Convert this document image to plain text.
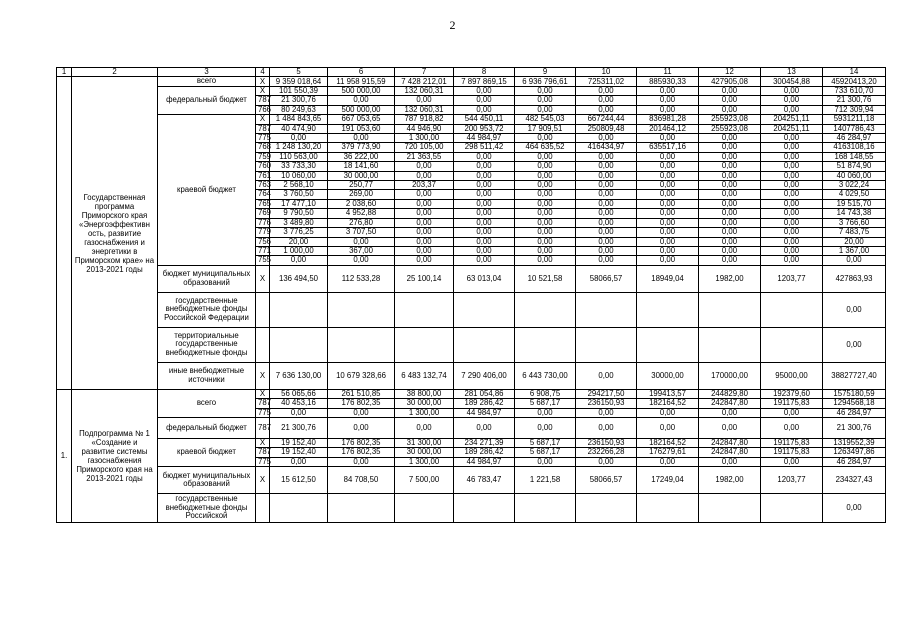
2
1	2	3	4	5	6	7	8	9	10	11	12	13	14
	Государственная программа Приморского края «Энергоэффективн ость, развитие газоснабжения и энергетики в Приморском крае» на 2013-2021 годы	всего	Х	9 359 018,64	11 958 915,59	7 428 212,01	7 897 869,15	6 936 796,61	725311,02	885930,33	427905,08	300454,88	45920413,20
		федеральный бюджет	Х	101 550,39	500 000,00	132 060,31	0,00	0,00	0,00	0,00	0,00	0,00	733 610,70
			787	21 300,76	0,00	0,00	0,00	0,00	0,00	0,00	0,00	0,00	21 300,76
			766	80 249,63	500 000,00	132 060,31	0,00	0,00	0,00	0,00	0,00	0,00	712 309,94
		краевой бюджет	Х	1 484 843,65	667 053,65	787 918,82	544 450,11	482 545,03	667244,44	836981,28	255923,08	204251,11	5931211,18
			787	40 474,90	191 053,60	44 946,90	200 953,72	17 909,51	250809,48	201464,12	255923,08	204251,11	1407786,43
			775	0,00	0,00	1 300,00	44 984,97	0,00	0,00	0,00	0,00	0,00	46 284,97
			768	1 248 130,20	379 773,90	720 105,00	298 511,42	464 635,52	416434,97	635517,16	0,00	0,00	4163108,16
			759	110 563,00	36 222,00	21 363,55	0,00	0,00	0,00	0,00	0,00	0,00	168 148,55
			760	33 733,30	18 141,60	0,00	0,00	0,00	0,00	0,00	0,00	0,00	51 874,90
			761	10 060,00	30 000,00	0,00	0,00	0,00	0,00	0,00	0,00	0,00	40 060,00
			763	2 568,10	250,77	203,37	0,00	0,00	0,00	0,00	0,00	0,00	3 022,24
			764	3 760,50	269,00	0,00	0,00	0,00	0,00	0,00	0,00	0,00	4 029,50
			765	17 477,10	2 038,60	0,00	0,00	0,00	0,00	0,00	0,00	0,00	19 515,70
			769	9 790,50	4 952,88	0,00	0,00	0,00	0,00	0,00	0,00	0,00	14 743,38
			776	3 489,80	276,80	0,00	0,00	0,00	0,00	0,00	0,00	0,00	3 766,60
			779	3 776,25	3 707,50	0,00	0,00	0,00	0,00	0,00	0,00	0,00	7 483,75
			756	20,00	0,00	0,00	0,00	0,00	0,00	0,00	0,00	0,00	20,00
			771	1 000,00	367,00	0,00	0,00	0,00	0,00	0,00	0,00	0,00	1 367,00
			755	0,00	0,00	0,00	0,00	0,00	0,00	0,00	0,00	0,00	0,00
		бюджет муниципальных образований	Х	136 494,50	112 533,28	25 100,14	63 013,04	10 521,58	58066,57	18949,04	1982,00	1203,77	427863,93
		государственные внебюджетные фонды Российской Федерации											0,00
		территориальные государственные внебюджетные фонды											0,00
		иные внебюджетные источники	Х	7 636 130,00	10 679 328,66	6 483 132,74	7 290 406,00	6 443 730,00	0,00	30000,00	170000,00	95000,00	38827727,40
1.	Подпрограмма № 1 «Создание и развитие системы газоснабжения Приморского края на 2013-2021 годы	всего	Х	56 065,66	261 510,85	38 800,00	281 054,86	6 908,75	294217,50	199413,57	244829,80	192379,60	1575180,59
			787	40 453,16	176 802,35	30 000,00	189 286,42	5 687,17	236150,93	182164,52	242847,80	191175,83	1294568,18
			775	0,00	0,00	1 300,00	44 984,97	0,00	0,00	0,00	0,00	0,00	46 284,97
		федеральный бюджет	787	21 300,76	0,00	0,00	0,00	0,00	0,00	0,00	0,00	0,00	21 300,76
		краевой бюджет	Х	19 152,40	176 802,35	31 300,00	234 271,39	5 687,17	236150,93	182164,52	242847,80	191175,83	1319552,39
			787	19 152,40	176 802,35	30 000,00	189 286,42	5 687,17	232266,28	176279,61	242847,80	191175,83	1263497,86
			775	0,00	0,00	1 300,00	44 984,97	0,00	0,00	0,00	0,00	0,00	46 284,97
		бюджет муниципальных образований	Х	15 612,50	84 708,50	7 500,00	46 783,47	1 221,58	58066,57	17249,04	1982,00	1203,77	234327,43
		государственные внебюджетные фонды Российской											0,00
